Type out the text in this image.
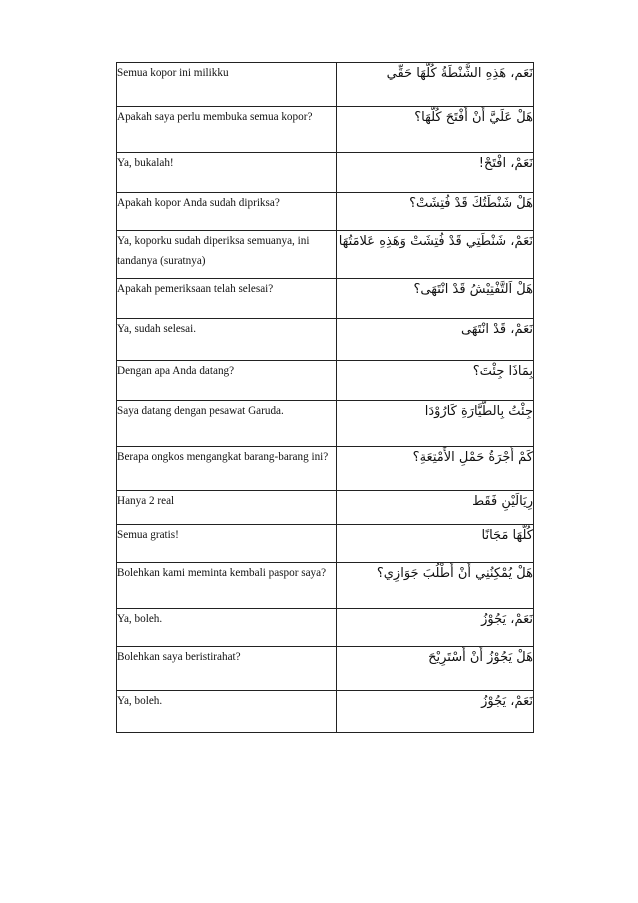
Semua kopor ini milikku	نَعَم، هَذِهِ الشَّنْطَةُ كُلُّهَا حَقِّي
Apakah saya perlu membuka semua kopor?	هَلْ عَلَيَّ أَنْ أَفْتَحَ كُلَّهَا؟
Ya, bukalah!	نَعَمْ، افْتَحْ!
Apakah kopor Anda sudah dipriksa?	هَلْ شَنْطَتُكَ قَدْ فُتِشَتْ؟
Ya, koporku sudah diperiksa semuanya, ini tandanya (suratnya)	نَعَمْ، شَنْطَتِي قَدْ فُتِشَتْ وَهَذِهِ عَلامَتُهَا
Apakah pemeriksaan telah selesai?	هَلْ اَلتَّفْتِيْشُ قَدْ انْتَهَى؟
Ya, sudah selesai.	نَعَمْ، قَدْ انْتَهَى
Dengan apa Anda datang?	بِمَاذَا جِئْتَ؟
Saya datang dengan pesawat Garuda.	جِئْتُ بِالطَّيَّارَةِ كَارُوْدَا
Berapa ongkos mengangkat barang-barang ini?	كَمْ أُجْرَةُ حَمْلِ الأَمْتِعَةِ؟
Hanya 2 real	رِيَالَيْنِ فَقَط
Semua gratis!	كُلُّهَا مَجَانًا
Bolehkan kami meminta kembali paspor saya?	هَلْ يُمْكِنُنِي أَنْ أَطْلُبَ جَوَازِي؟
Ya, boleh.	نَعَمْ، يَجُوْزُ
Bolehkan saya beristirahat?	هَلْ يَجُوْزُ أَنْ أَسْتَرِيْحَ
Ya, boleh.	نَعَمْ، يَجُوْزُ
